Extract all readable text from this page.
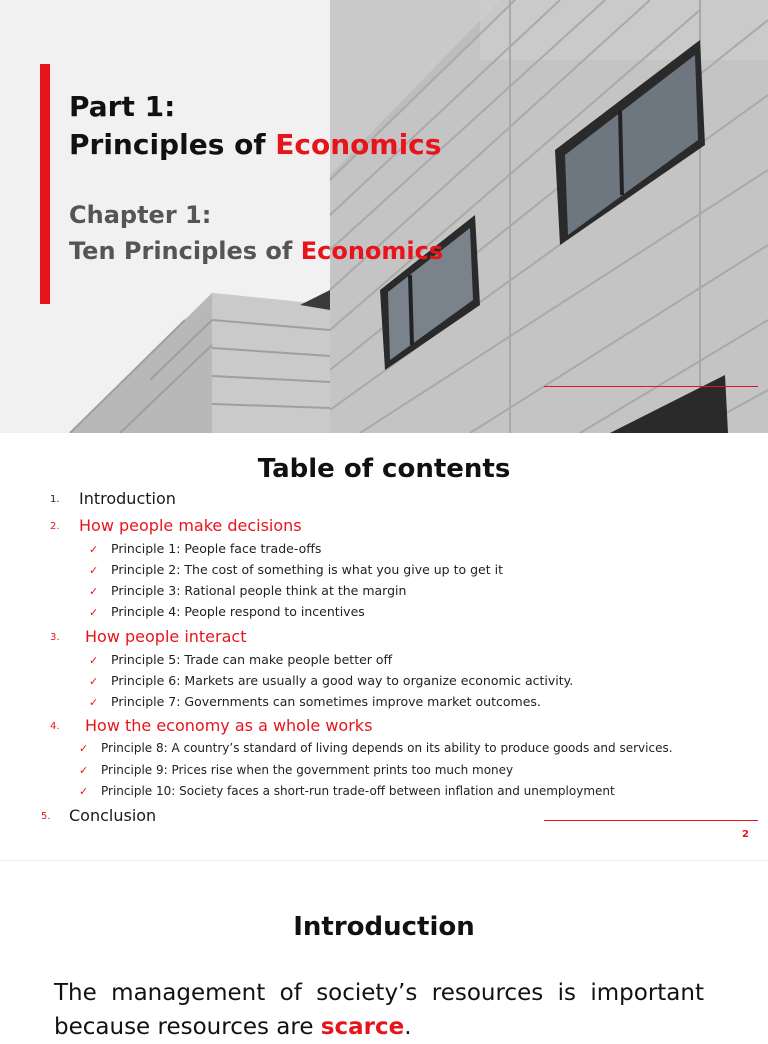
Part 1:
Principles of Economics
Chapter 1:
Ten Principles of Economics
Table of contents
1. Introduction
2. How people make decisions
✓ Principle 1: People face trade-offs
✓ Principle 2: The cost of something is what you give up to get it
✓ Principle 3: Rational people think at the margin
✓ Principle 4: People respond to incentives
3. How people interact
✓ Principle 5: Trade can make people better off
✓ Principle 6: Markets are usually a good way to organize economic activity.
✓ Principle 7: Governments can sometimes improve market outcomes.
4. How the economy as a whole works
✓ Principle 8: A country’s standard of living depends on its ability to produce goods and services.
✓ Principle 9: Prices rise when the government prints too much money
✓ Principle 10: Society faces a short-run trade-off between inflation and unemployment
5. Conclusion
2
Introduction

The management of society’s resources is important because resources are scarce.
